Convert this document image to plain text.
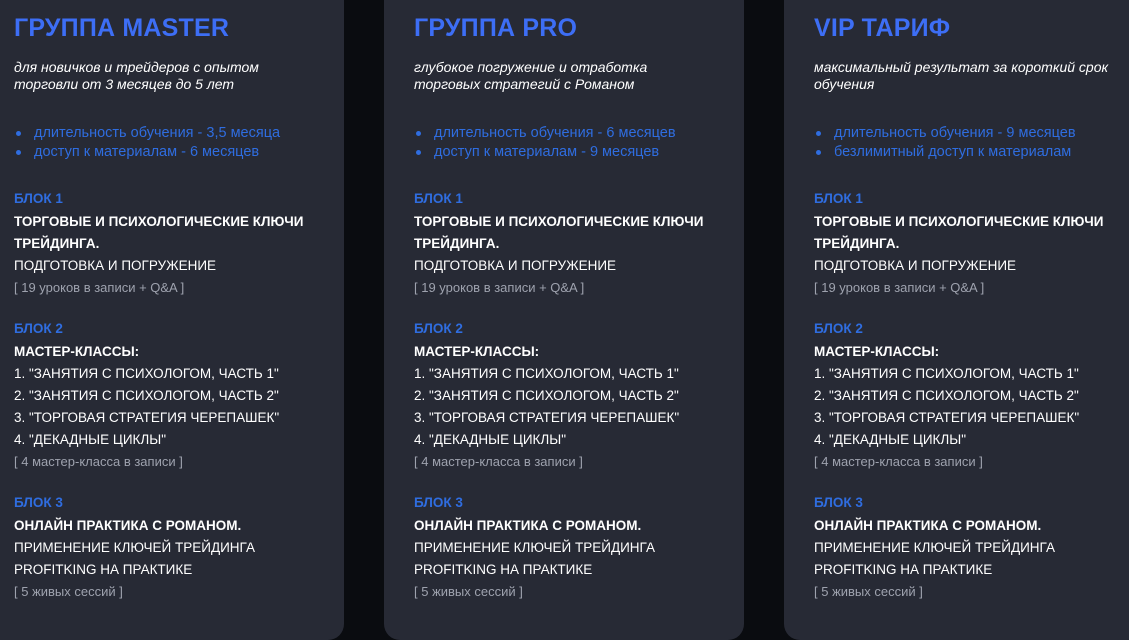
ГРУППА MASTER
для новичков и трейдеров с опытом торговли от 3 месяцев до 5 лет
длительность обучения - 3,5 месяца
доступ к материалам - 6 месяцев
БЛОК 1
ТОРГОВЫЕ И ПСИХОЛОГИЧЕСКИЕ КЛЮЧИ
ТРЕЙДИНГА.
ПОДГОТОВКА И ПОГРУЖЕНИЕ
[ 19 уроков в записи + Q&A ]
БЛОК 2
МАСТЕР-КЛАССЫ:
1. "ЗАНЯТИЯ С ПСИХОЛОГОМ, ЧАСТЬ 1"
2. "ЗАНЯТИЯ С ПСИХОЛОГОМ, ЧАСТЬ 2"
3. "ТОРГОВАЯ СТРАТЕГИЯ ЧЕРЕПАШЕК"
4. "ДЕКАДНЫЕ ЦИКЛЫ"
[ 4 мастер-класса в записи ]
БЛОК 3
ОНЛАЙН ПРАКТИКА С РОМАНОМ.
ПРИМЕНЕНИЕ КЛЮЧЕЙ ТРЕЙДИНГА
PROFITKING НА ПРАКТИКЕ
[ 5 живых сессий ]
ГРУППА PRO
глубокое погружение и отработка торговых стратегий с Романом
длительность обучения - 6 месяцев
доступ к материалам - 9 месяцев
БЛОК 1
ТОРГОВЫЕ И ПСИХОЛОГИЧЕСКИЕ КЛЮЧИ
ТРЕЙДИНГА.
ПОДГОТОВКА И ПОГРУЖЕНИЕ
[ 19 уроков в записи + Q&A ]
БЛОК 2
МАСТЕР-КЛАССЫ:
1. "ЗАНЯТИЯ С ПСИХОЛОГОМ, ЧАСТЬ 1"
2. "ЗАНЯТИЯ С ПСИХОЛОГОМ, ЧАСТЬ 2"
3. "ТОРГОВАЯ СТРАТЕГИЯ ЧЕРЕПАШЕК"
4. "ДЕКАДНЫЕ ЦИКЛЫ"
[ 4 мастер-класса в записи ]
БЛОК 3
ОНЛАЙН ПРАКТИКА С РОМАНОМ.
ПРИМЕНЕНИЕ КЛЮЧЕЙ ТРЕЙДИНГА
PROFITKING НА ПРАКТИКЕ
[ 5 живых сессий ]
VIP ТАРИФ
максимальный результат за короткий срок обучения
длительность обучения - 9 месяцев
безлимитный доступ к материалам
БЛОК 1
ТОРГОВЫЕ И ПСИХОЛОГИЧЕСКИЕ КЛЮЧИ
ТРЕЙДИНГА.
ПОДГОТОВКА И ПОГРУЖЕНИЕ
[ 19 уроков в записи + Q&A ]
БЛОК 2
МАСТЕР-КЛАССЫ:
1. "ЗАНЯТИЯ С ПСИХОЛОГОМ, ЧАСТЬ 1"
2. "ЗАНЯТИЯ С ПСИХОЛОГОМ, ЧАСТЬ 2"
3. "ТОРГОВАЯ СТРАТЕГИЯ ЧЕРЕПАШЕК"
4. "ДЕКАДНЫЕ ЦИКЛЫ"
[ 4 мастер-класса в записи ]
БЛОК 3
ОНЛАЙН ПРАКТИКА С РОМАНОМ.
ПРИМЕНЕНИЕ КЛЮЧЕЙ ТРЕЙДИНГА
PROFITKING НА ПРАКТИКЕ
[ 5 живых сессий ]
